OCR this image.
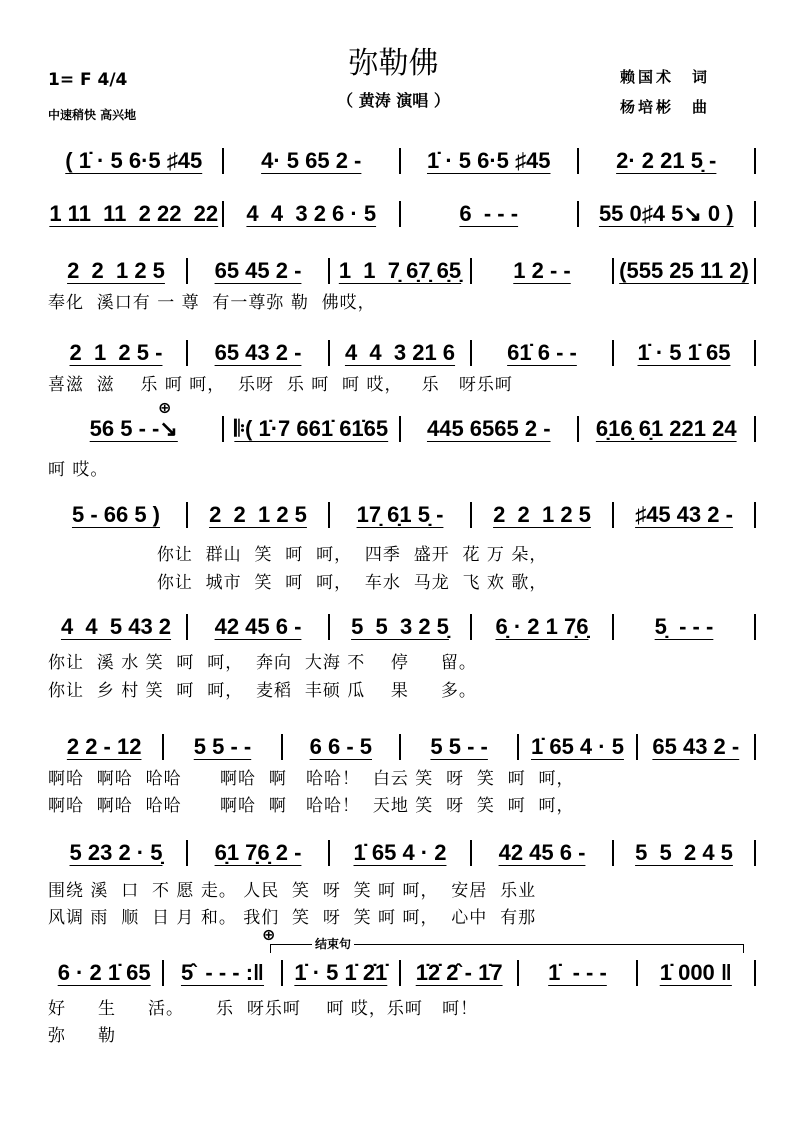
弥勒佛
（ 黄涛 演唱 ）
1= F 4/4
中速稍快 高兴地
赖国术　词
杨培彬　曲
⊕
⊕	结束句
( 1̇ · 5 6·5 ♯45	4· 5 65 2 -	1̇ · 5 6·5 ♯45	2· 2 21 5̣ -
1 11  11  2 22  22	4  4  3 2 6 · 5	6  - - -	55 0♯4 5↘ 0 )
2  2  1 2 5	65 45 2 -	1  1  7̣ 6̣7̣ 6̣5̣	1 2 - -	(555 25 11 2)
奉化  溪口有 一 尊  有一尊弥 勒  佛哎，
2  1  2 5 -	65 43 2 -	4  4  3 21 6	61̇ 6 - -	1̇ · 5 1̇ 65
喜滋  滋    乐 呵 呵，  乐呀  乐 呵  呵 哎，   乐   呀乐呵
56 5 - -↘	𝄆( 1̇·7 661̇ 61̇65	445 6565 2 -	6̣16̣ 6̣1 221 24
呵 哎。
5 - 66 5 )	2  2  1 2 5	17̣ 6̣1 5̣ -	2  2  1 2 5	♯45 43 2 -
你让  群山  笑  呵  呵，  四季  盛开  花 万 朵，
你让  城市  笑  呵  呵，  车水  马龙  飞 欢 歌，
4  4  5 43 2	42 45 6 -	5  5  3 2 5̣	6̣ · 2 1 7̣6̣	5̣  - - -
你让  溪 水 笑  呵  呵，  奔向  大海 不    停     留。
你让  乡 村 笑  呵  呵，  麦稻  丰硕 瓜    果     多。
2 2 - 12	5 5 - -	6 6 - 5	5 5 - -	1̇ 65 4 · 5	65 43 2 -
啊哈  啊哈  哈哈      啊哈  啊   哈哈！  白云 笑  呀  笑  呵  呵，
啊哈  啊哈  哈哈      啊哈  啊   哈哈！  天地 笑  呀  笑  呵  呵，
5 23 2 · 5̣	6̣1 7̣6̣ 2 -	1̇ 65 4 · 2	42 45 6 -	5  5  2 4 5
围绕 溪  口  不 愿 走。 人民  笑  呀  笑 呵 呵，  安居  乐业
风调 雨  顺  日 月 和。 我们  笑  呀  笑 呵 呵，  心中  有那
6 · 2 1̇ 65	5̂  - - - :‖	1̇ · 5 1̇ 2̇1̇	1̇2̇ 2̂ - 1̇7	1̇  - - -	1̇ 000 ‖
好     生     活。     乐  呀乐呵    呵 哎，乐呵   呵！
弥     勒
